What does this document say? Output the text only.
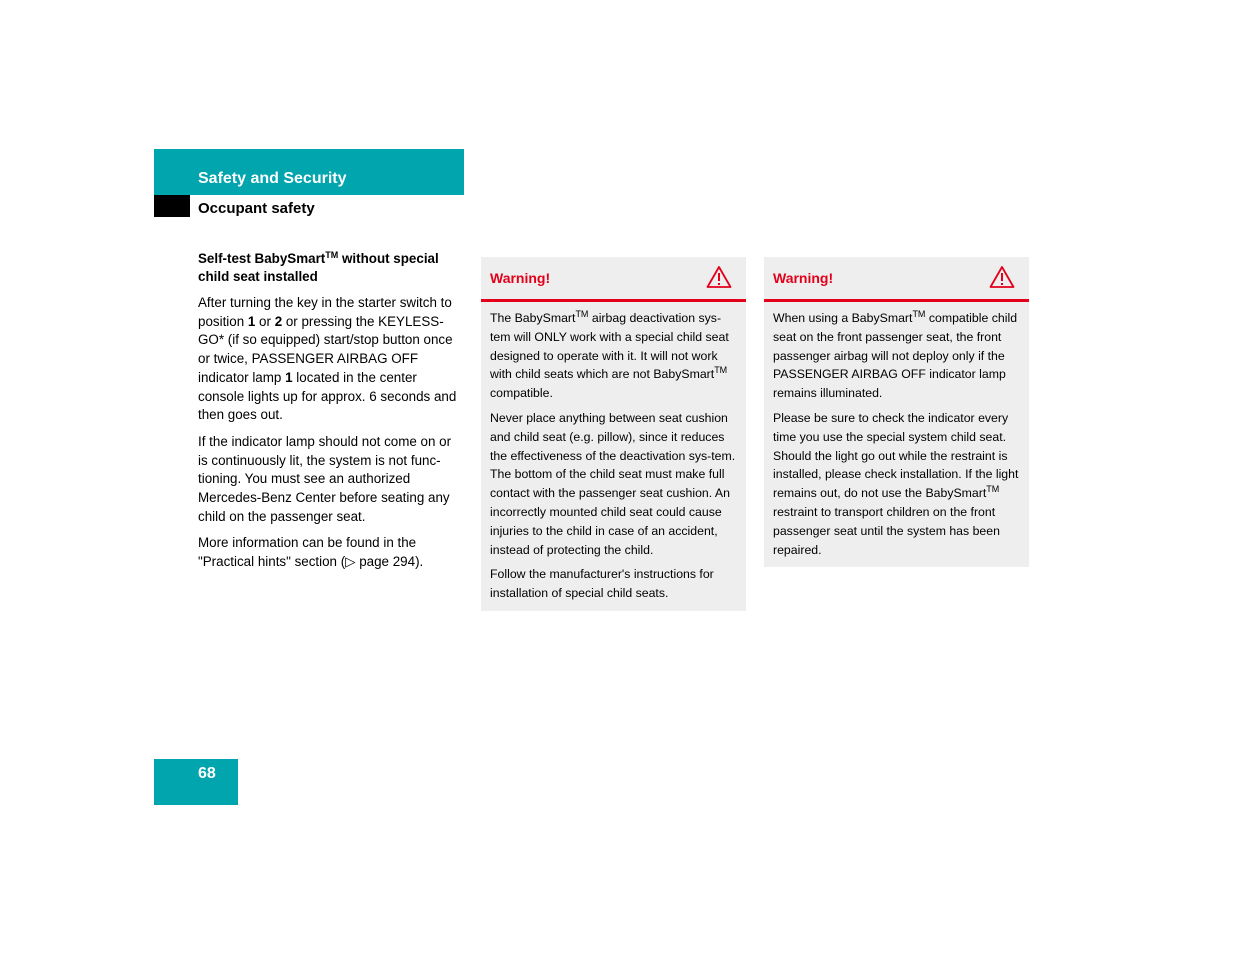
Safety and Security
Occupant safety
Self-test BabySmart™ without special child seat installed

After turning the key in the starter switch to position 1 or 2 or pressing the KEYLESS-GO* (if so equipped) start/stop button once or twice, PASSENGER AIRBAG OFF indicator lamp 1 located in the center console lights up for approx. 6 seconds and then goes out.

If the indicator lamp should not come on or is continuously lit, the system is not func-tioning. You must see an authorized Mercedes-Benz Center before seating any child on the passenger seat.

More information can be found in the "Practical hints" section (▷ page 294).

Warning!

The BabySmart™ airbag deactivation sys-tem will ONLY work with a special child seat designed to operate with it. It will not work with child seats which are not BabySmart™ compatible.

Never place anything between seat cushion and child seat (e.g. pillow), since it reduces the effectiveness of the deactivation sys-tem. The bottom of the child seat must make full contact with the passenger seat cushion. An incorrectly mounted child seat could cause injuries to the child in case of an accident, instead of protecting the child.

Follow the manufacturer's instructions for installation of special child seats.

Warning!

When using a BabySmart™ compatible child seat on the front passenger seat, the front passenger airbag will not deploy only if the PASSENGER AIRBAG OFF indicator lamp remains illuminated.

Please be sure to check the indicator every time you use the special system child seat. Should the light go out while the restraint is installed, please check installation. If the light remains out, do not use the BabySmart™ restraint to transport children on the front passenger seat until the system has been repaired.

68
